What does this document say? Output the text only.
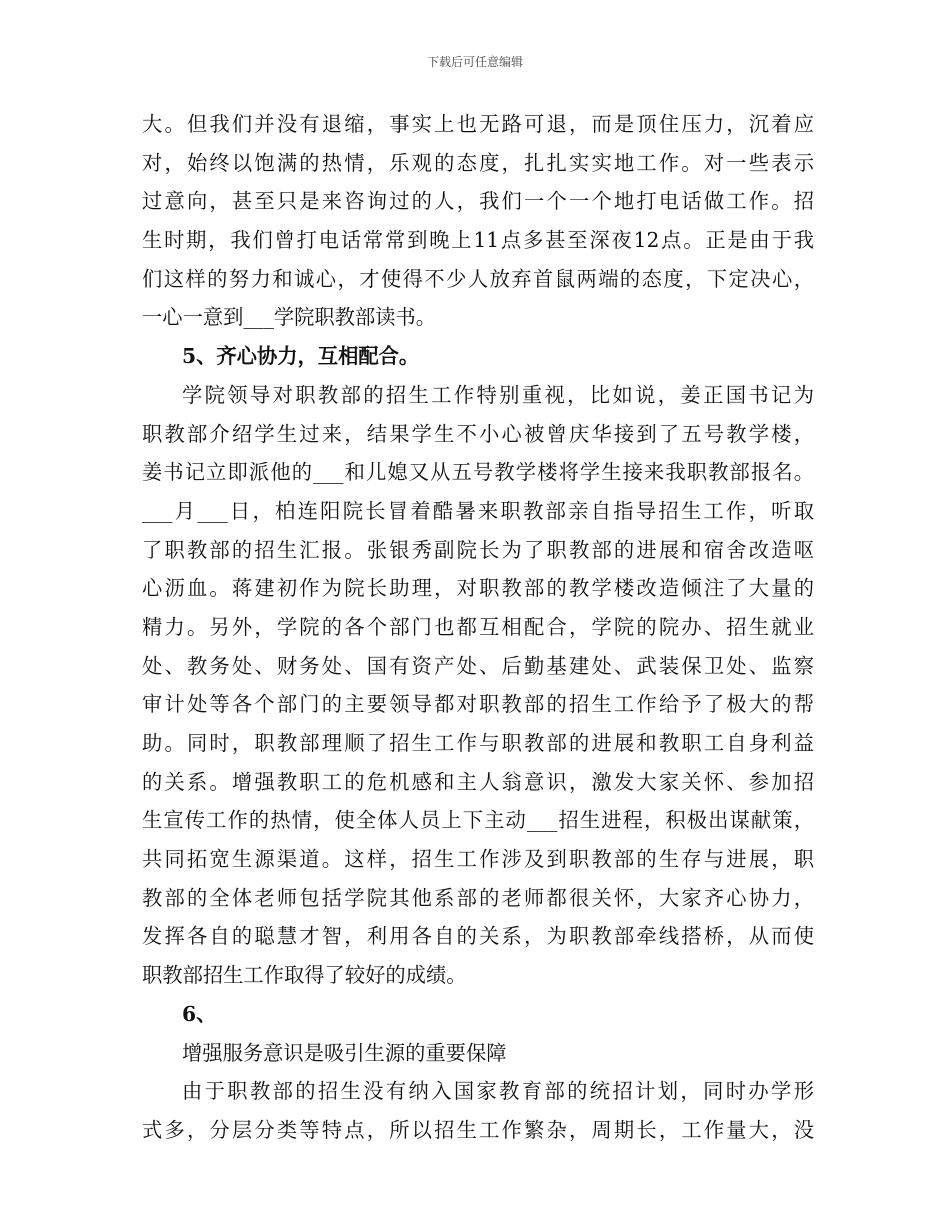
下载后可任意编辑
大。但我们并没有退缩，事实上也无路可退，而是顶住压力，沉着应
对，始终以饱满的热情，乐观的态度，扎扎实实地工作。对一些表示
过意向，甚至只是来咨询过的人，我们一个一个地打电话做工作。招
生时期，我们曾打电话常常到晚上11点多甚至深夜12点。正是由于我
们这样的努力和诚心，才使得不少人放弃首鼠两端的态度，下定决心，
一心一意到___学院职教部读书。
5、齐心协力，互相配合。
学院领导对职教部的招生工作特别重视，比如说，姜正国书记为
职教部介绍学生过来，结果学生不小心被曾庆华接到了五号教学楼，
姜书记立即派他的___和儿媳又从五号教学楼将学生接来我职教部报名。
___月___日，柏连阳院长冒着酷暑来职教部亲自指导招生工作，听取
了职教部的招生汇报。张银秀副院长为了职教部的进展和宿舍改造呕
心沥血。蒋建初作为院长助理，对职教部的教学楼改造倾注了大量的
精力。另外，学院的各个部门也都互相配合，学院的院办、招生就业
处、教务处、财务处、国有资产处、后勤基建处、武装保卫处、监察
审计处等各个部门的主要领导都对职教部的招生工作给予了极大的帮
助。同时，职教部理顺了招生工作与职教部的进展和教职工自身利益
的关系。增强教职工的危机感和主人翁意识，激发大家关怀、参加招
生宣传工作的热情，使全体人员上下主动___招生进程，积极出谋献策，
共同拓宽生源渠道。这样，招生工作涉及到职教部的生存与进展，职
教部的全体老师包括学院其他系部的老师都很关怀，大家齐心协力，
发挥各自的聪慧才智，利用各自的关系，为职教部牵线搭桥，从而使
职教部招生工作取得了较好的成绩。
6、
增强服务意识是吸引生源的重要保障
由于职教部的招生没有纳入国家教育部的统招计划，同时办学形
式多，分层分类等特点，所以招生工作繁杂，周期长，工作量大，没
